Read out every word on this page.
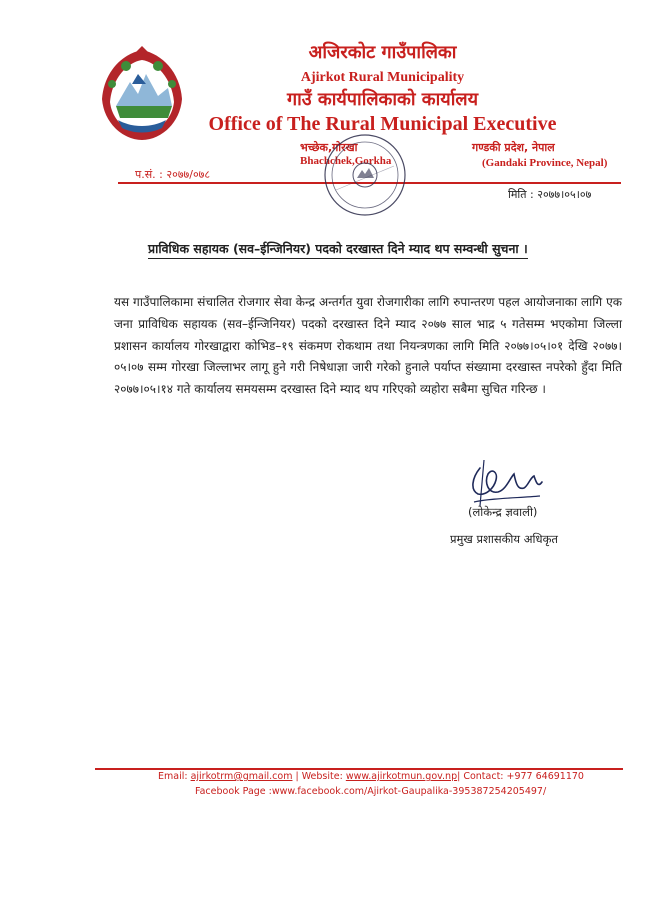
अजिरकोट गाउँपालिका
Ajirkot Rural Municipality
गाउँ कार्यपालिकाको कार्यालय
Office of The Rural Municipal Executive
भच्छेक,गोरखा
Bhachchek,Gorkha
गण्डकी प्रदेश, नेपाल
(Gandaki Province, Nepal)
प.सं. : २०७७/०७८
मिति : २०७७।०५।०७
प्राविधिक सहायक (सव–ईन्जिनियर) पदको दरखास्त दिने म्याद थप सम्वन्धी सुचना ।
यस गाउँपालिकामा संचालित रोजगार सेवा केन्द्र अन्तर्गत युवा रोजगारीका लागि रुपान्तरण पहल आयोजनाका लागि एक जना प्राविधिक सहायक (सव–ईन्जिनियर) पदको दरखास्त दिने म्याद २०७७ साल भाद्र ५ गतेसम्म भएकोमा जिल्ला प्रशासन कार्यालय गोरखाद्वारा कोभिड–१९ संकमण रोकथाम तथा नियन्त्रणका लागि मिति २०७७।०५।०१ देखि २०७७।०५।०७ सम्म गोरखा जिल्लाभर लागू हुने गरी निषेधाज्ञा जारी गरेको हुनाले पर्याप्त संख्यामा दरखास्त नपरेको हुँदा मिति २०७७।०५।१४ गते कार्यालय समयसम्म दरखास्त दिने म्याद थप गरिएको व्यहोरा सबैमा सुचित गरिन्छ ।
(लोकेन्द्र ज्ञवाली)
प्रमुख प्रशासकीय अधिकृत
Email: ajirkotrm@gmail.com | Website: www.ajirkotmun.gov.np| Contact: +977 64691170
Facebook Page :www.facebook.com/Ajirkot-Gaupalika-395387254205497/
